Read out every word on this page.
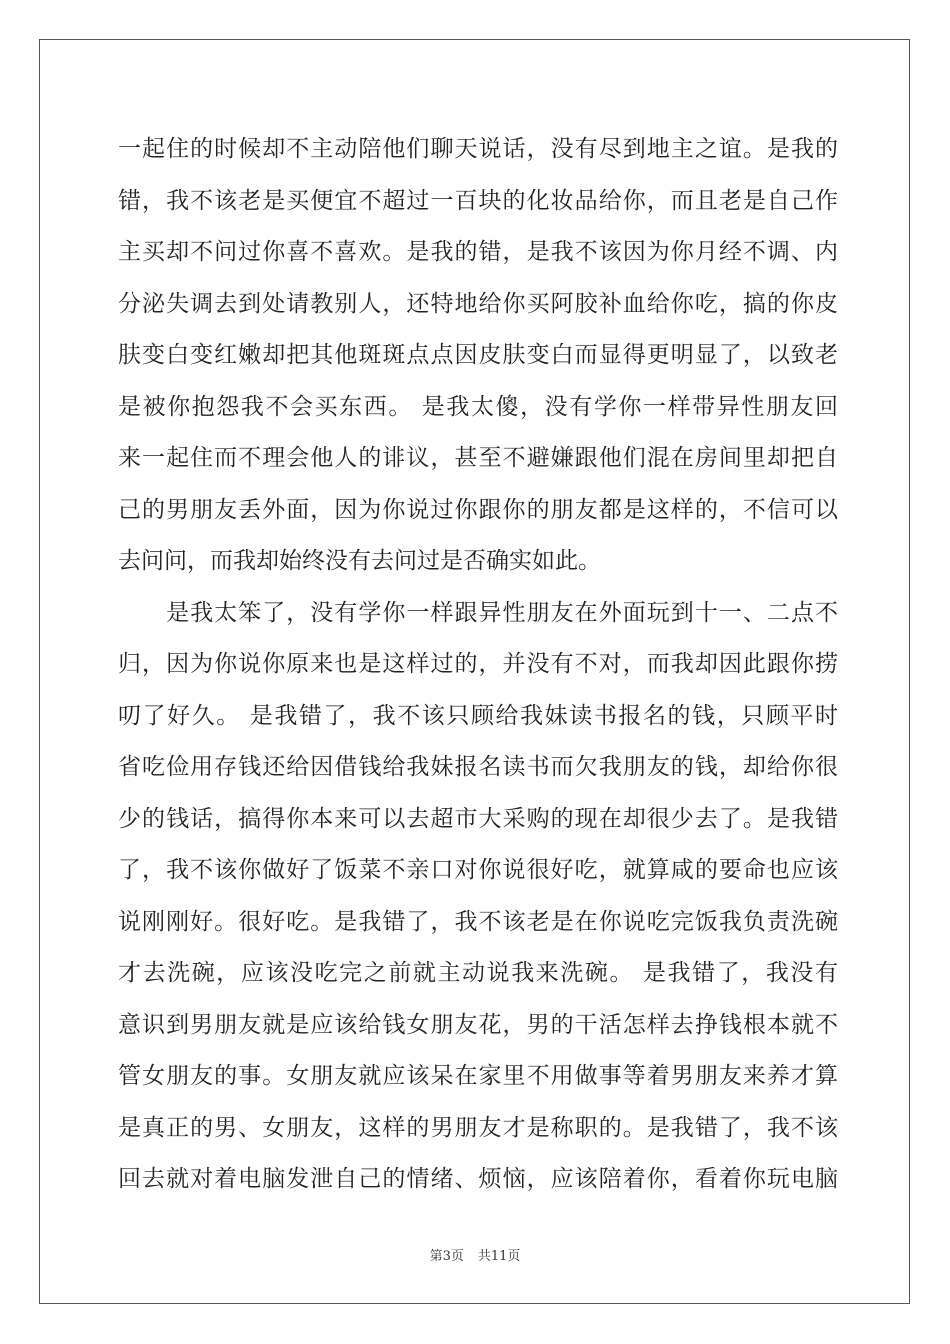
一起住的时候却不主动陪他们聊天说话，没有尽到地主之谊。是我的
错，我不该老是买便宜不超过一百块的化妆品给你，而且老是自己作
主买却不问过你喜不喜欢。是我的错，是我不该因为你月经不调、内
分泌失调去到处请教别人，还特地给你买阿胶补血给你吃，搞的你皮
肤变白变红嫩却把其他斑斑点点因皮肤变白而显得更明显了，以致老
是被你抱怨我不会买东西。 是我太傻，没有学你一样带异性朋友回
来一起住而不理会他人的诽议，甚至不避嫌跟他们混在房间里却把自
己的男朋友丢外面，因为你说过你跟你的朋友都是这样的，不信可以
去问问，而我却始终没有去问过是否确实如此。
　　是我太笨了，没有学你一样跟异性朋友在外面玩到十一、二点不
归，因为你说你原来也是这样过的，并没有不对，而我却因此跟你捞
叨了好久。 是我错了，我不该只顾给我妹读书报名的钱，只顾平时
省吃俭用存钱还给因借钱给我妹报名读书而欠我朋友的钱，却给你很
少的钱话，搞得你本来可以去超市大采购的现在却很少去了。是我错
了，我不该你做好了饭菜不亲口对你说很好吃，就算咸的要命也应该
说刚刚好。很好吃。是我错了，我不该老是在你说吃完饭我负责洗碗
才去洗碗，应该没吃完之前就主动说我来洗碗。 是我错了，我没有
意识到男朋友就是应该给钱女朋友花，男的干活怎样去挣钱根本就不
管女朋友的事。女朋友就应该呆在家里不用做事等着男朋友来养才算
是真正的男、女朋友，这样的男朋友才是称职的。是我错了，我不该
回去就对着电脑发泄自己的情绪、烦恼，应该陪着你，看着你玩电脑
第3页 共11页
